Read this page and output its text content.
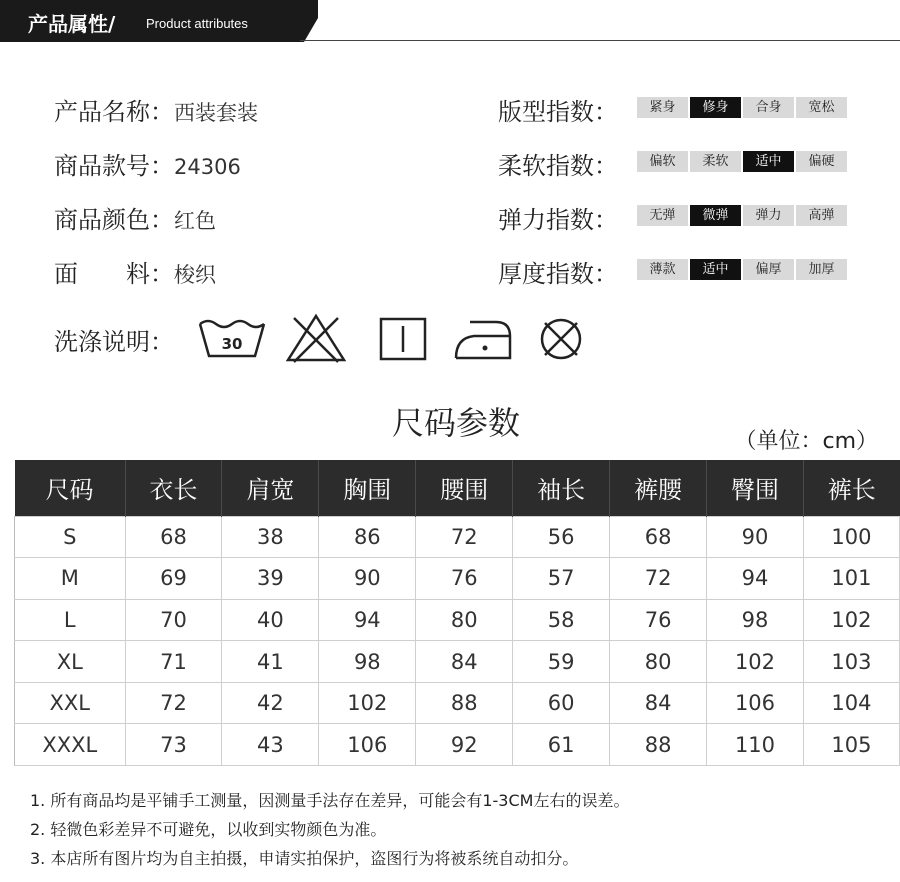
产品属性/ Product attributes
产品名称：西装套装
商品款号：24306
商品颜色：红色
面　　料：梭织
版型指数：	紧身	修身	合身	宽松
柔软指数：	偏软	柔软	适中	偏硬
弹力指数：	无弹	微弹	弹力	高弹
厚度指数：	薄款	适中	偏厚	加厚
洗涤说明：	30
尺码参数	（单位：cm）
尺码	衣长	肩宽	胸围	腰围	袖长	裤腰	臀围	裤长
S	68	38	86	72	56	68	90	100
M	69	39	90	76	57	72	94	101
L	70	40	94	80	58	76	98	102
XL	71	41	98	84	59	80	102	103
XXL	72	42	102	88	60	84	106	104
XXXL	73	43	106	92	61	88	110	105
1. 所有商品均是平铺手工测量，因测量手法存在差异，可能会有1-3CM左右的误差。
2. 轻微色彩差异不可避免，以收到实物颜色为准。
3. 本店所有图片均为自主拍摄，申请实拍保护，盗图行为将被系统自动扣分。
